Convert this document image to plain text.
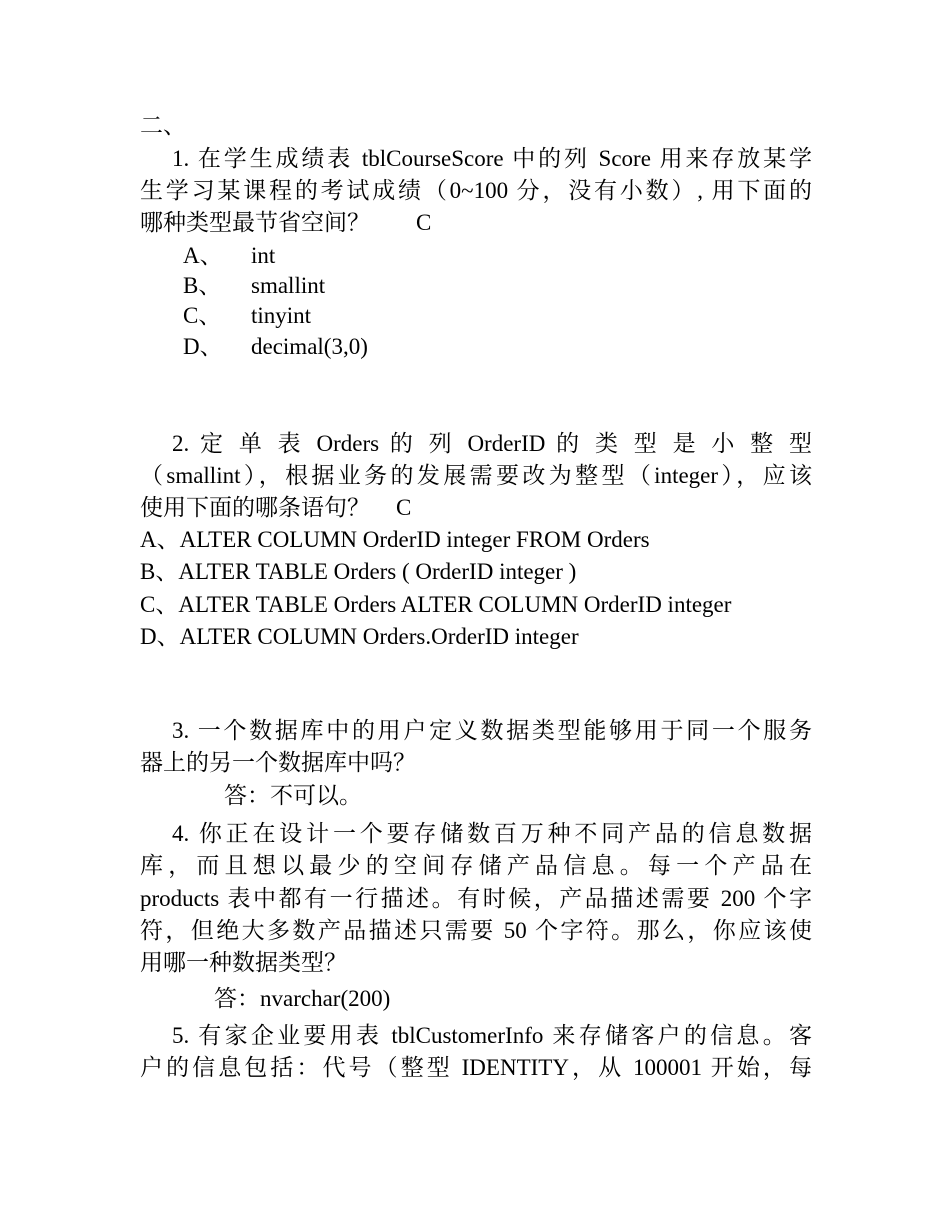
二、
1. 在学生成绩表 tblCourseScore 中的列 Score 用来存放某学
生学习某课程的考试成绩（0~100 分，没有小数）, 用下面的
哪种类型最节省空间？ C
A、 int
B、 smallint
C、 tinyint
D、 decimal(3,0)
2. 定 单 表 Orders 的 列 OrderID 的 类 型 是 小 整 型
（smallint），根据业务的发展需要改为整型（integer），应该
使用下面的哪条语句？ C
A、ALTER COLUMN OrderID integer FROM Orders
B、ALTER TABLE Orders ( OrderID integer )
C、ALTER TABLE Orders ALTER COLUMN OrderID integer
D、ALTER COLUMN Orders.OrderID integer
3. 一个数据库中的用户定义数据类型能够用于同一个服务
器上的另一个数据库中吗？
答：不可以。
4. 你正在设计一个要存储数百万种不同产品的信息数据
库，而且想以最少的空间存储产品信息。每一个产品在
products 表中都有一行描述。有时候，产品描述需要 200 个字
符，但绝大多数产品描述只需要 50 个字符。那么，你应该使
用哪一种数据类型？
答：nvarchar(200)
5. 有家企业要用表 tblCustomerInfo 来存储客户的信息。客
户的信息包括：代号（整型 IDENTITY，从 100001 开始，每
